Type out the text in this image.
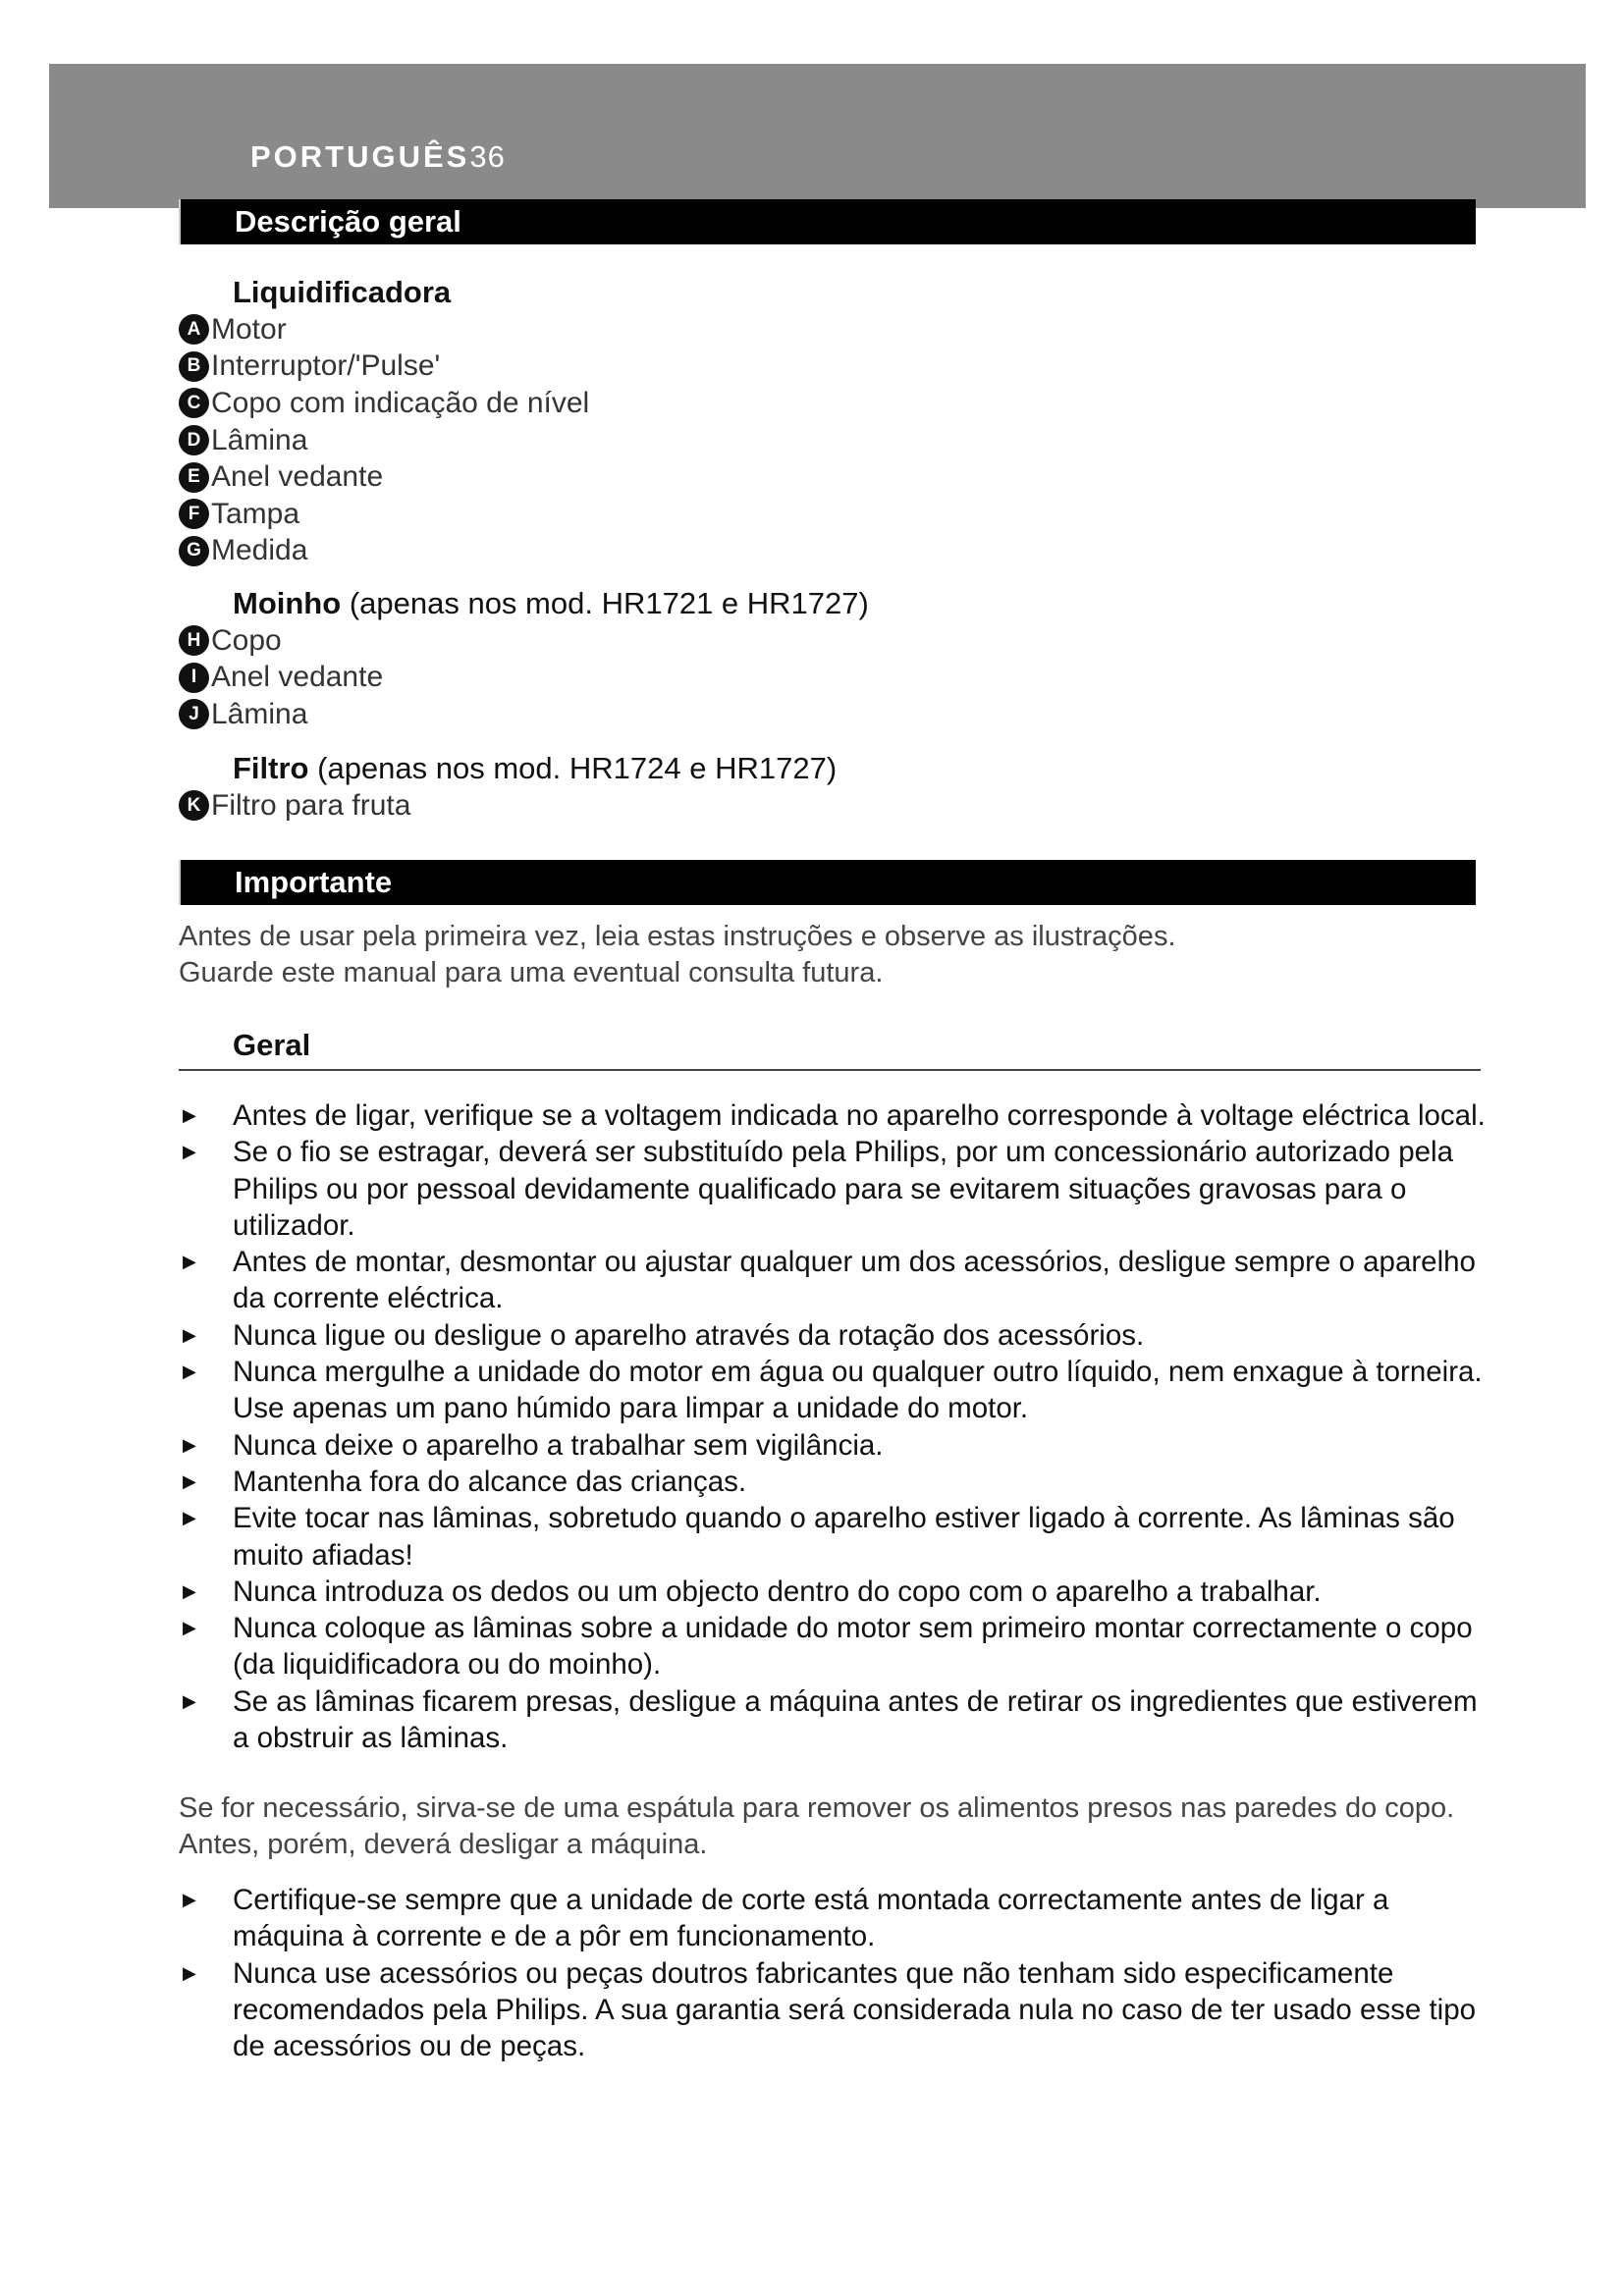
PORTUGUÊS36
Descrição geral
Liquidificadora
A Motor
B Interruptor/'Pulse'
C Copo com indicação de nível
D Lâmina
E Anel vedante
F Tampa
G Medida
Moinho (apenas nos mod. HR1721 e HR1727)
H Copo
I Anel vedante
J Lâmina
Filtro (apenas nos mod. HR1724 e HR1727)
K Filtro para fruta
Importante

Antes de usar pela primeira vez, leia estas instruções e observe as ilustrações.

Guarde este manual para uma eventual consulta futura.

Geral
▶ Antes de ligar, verifique se a voltagem indicada no aparelho corresponde à voltage eléctrica local.
▶ Se o fio se estragar, deverá ser substituído pela Philips, por um concessionário autorizado pela Philips ou por pessoal devidamente qualificado para se evitarem situações gravosas para o utilizador.
▶ Antes de montar, desmontar ou ajustar qualquer um dos acessórios, desligue sempre o aparelho da corrente eléctrica.
▶ Nunca ligue ou desligue o aparelho através da rotação dos acessórios.
▶ Nunca mergulhe a unidade do motor em água ou qualquer outro líquido, nem enxague à torneira. Use apenas um pano húmido para limpar a unidade do motor.
▶ Nunca deixe o aparelho a trabalhar sem vigilância.
▶ Mantenha fora do alcance das crianças.
▶ Evite tocar nas lâminas, sobretudo quando o aparelho estiver ligado à corrente. As lâminas são muito afiadas!
▶ Nunca introduza os dedos ou um objecto dentro do copo com o aparelho a trabalhar.
▶ Nunca coloque as lâminas sobre a unidade do motor sem primeiro montar correctamente o copo (da liquidificadora ou do moinho).
▶ Se as lâminas ficarem presas, desligue a máquina antes de retirar os ingredientes que estiverem a obstruir as lâminas.

Se for necessário, sirva-se de uma espátula para remover os alimentos presos nas paredes do copo.

Antes, porém, deverá desligar a máquina.

▶ Certifique-se sempre que a unidade de corte está montada correctamente antes de ligar a máquina à corrente e de a pôr em funcionamento.
▶ Nunca use acessórios ou peças doutros fabricantes que não tenham sido especificamente recomendados pela Philips. A sua garantia será considerada nula no caso de ter usado esse tipo de acessórios ou de peças.
